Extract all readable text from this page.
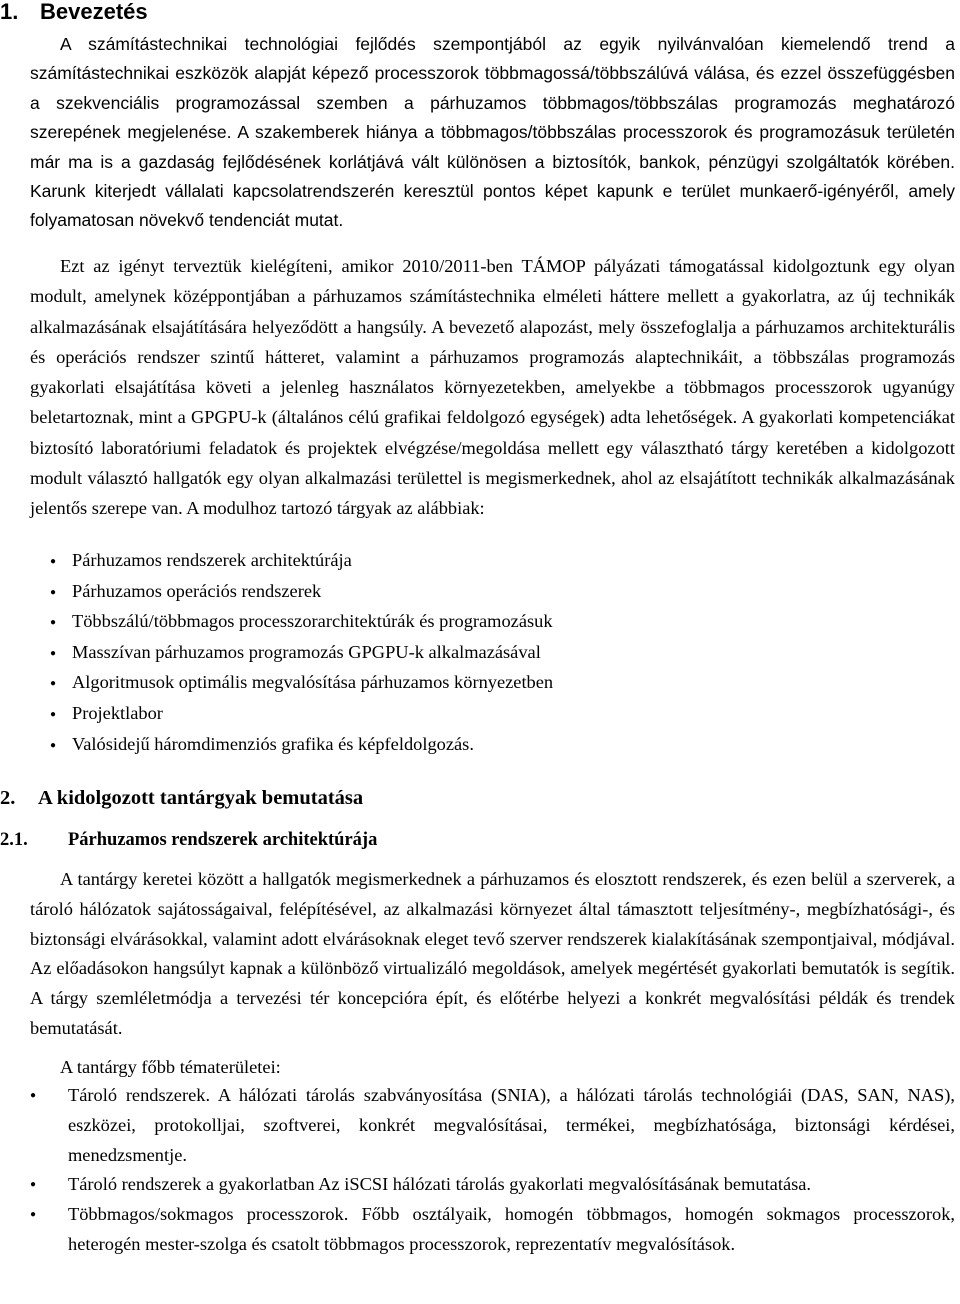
1. Bevezetés

A számítástechnikai technológiai fejlődés szempontjából az egyik nyilvánvalóan kiemelendő trend a számítástechnikai eszközök alapját képező processzorok többmagossá/többszálúvá válása, és ezzel összefüggésben a szekvenciális programozással szemben a párhuzamos többmagos/többszálas programozás meghatározó szerepének megjelenése. A szakemberek hiánya a többmagos/többszálas processzorok és programozásuk területén már ma is a gazdaság fejlődésének korlátjává vált különösen a biztosítók, bankok, pénzügyi szolgáltatók körében. Karunk kiterjedt vállalati kapcsolatrendszerén keresztül pontos képet kapunk e terület munkaerő-igényéről, amely folyamatosan növekvő tendenciát mutat.

Ezt az igényt terveztük kielégíteni, amikor 2010/2011-ben TÁMOP pályázati támogatással kidolgoztunk egy olyan modult, amelynek középpontjában a párhuzamos számítástechnika elméleti háttere mellett a gyakorlatra, az új technikák alkalmazásának elsajátítására helyeződött a hangsúly. A bevezető alapozást, mely összefoglalja a párhuzamos architekturális és operációs rendszer szintű hátteret, valamint a párhuzamos programozás alaptechnikáit, a többszálas programozás gyakorlati elsajátítása követi a jelenleg használatos környezetekben, amelyekbe a többmagos processzorok ugyanúgy beletartoznak, mint a GPGPU-k (általános célú grafikai feldolgozó egységek) adta lehetőségek. A gyakorlati kompetenciákat biztosító laboratóriumi feladatok és projektek elvégzése/megoldása mellett egy választható tárgy keretében a kidolgozott modult választó hallgatók egy olyan alkalmazási területtel is megismerkednek, ahol az elsajátított technikák alkalmazásának jelentős szerepe van. A modulhoz tartozó tárgyak az alábbiak:

● Párhuzamos rendszerek architektúrája
● Párhuzamos operációs rendszerek
● Többszálú/többmagos processzorarchitektúrák és programozásuk
● Masszívan párhuzamos programozás GPGPU-k alkalmazásával
● Algoritmusok optimális megvalósítása párhuzamos környezetben
● Projektlabor
● Valósidejű háromdimenziós grafika és képfeldolgozás.
2. A kidolgozott tantárgyak bemutatása
2.1. Párhuzamos rendszerek architektúrája

A tantárgy keretei között a hallgatók megismerkednek a párhuzamos és elosztott rendszerek, és ezen belül a szerverek, a tároló hálózatok sajátosságaival, felépítésével, az alkalmazási környezet által támasztott teljesítmény-, megbízhatósági-, és biztonsági elvárásokkal, valamint adott elvárásoknak eleget tevő szerver rendszerek kialakításának szempontjaival, módjával. Az előadásokon hangsúlyt kapnak a különböző virtualizáló megoldások, amelyek megértését gyakorlati bemutatók is segítik. A tárgy szemléletmódja a tervezési tér koncepcióra épít, és előtérbe helyezi a konkrét megvalósítási példák és trendek bemutatását.

A tantárgy főbb tématerületei:

● Tároló rendszerek. A hálózati tárolás szabványosítása (SNIA), a hálózati tárolás technológiái (DAS, SAN, NAS), eszközei, protokolljai, szoftverei, konkrét megvalósításai, termékei, megbízhatósága, biztonsági kérdései, menedzsmentje.
● Tároló rendszerek a gyakorlatban Az iSCSI hálózati tárolás gyakorlati megvalósításának bemutatása.
● Többmagos/sokmagos processzorok. Főbb osztályaik, homogén többmagos, homogén sokmagos processzorok, heterogén mester-szolga és csatolt többmagos processzorok, reprezentatív megvalósítások.
